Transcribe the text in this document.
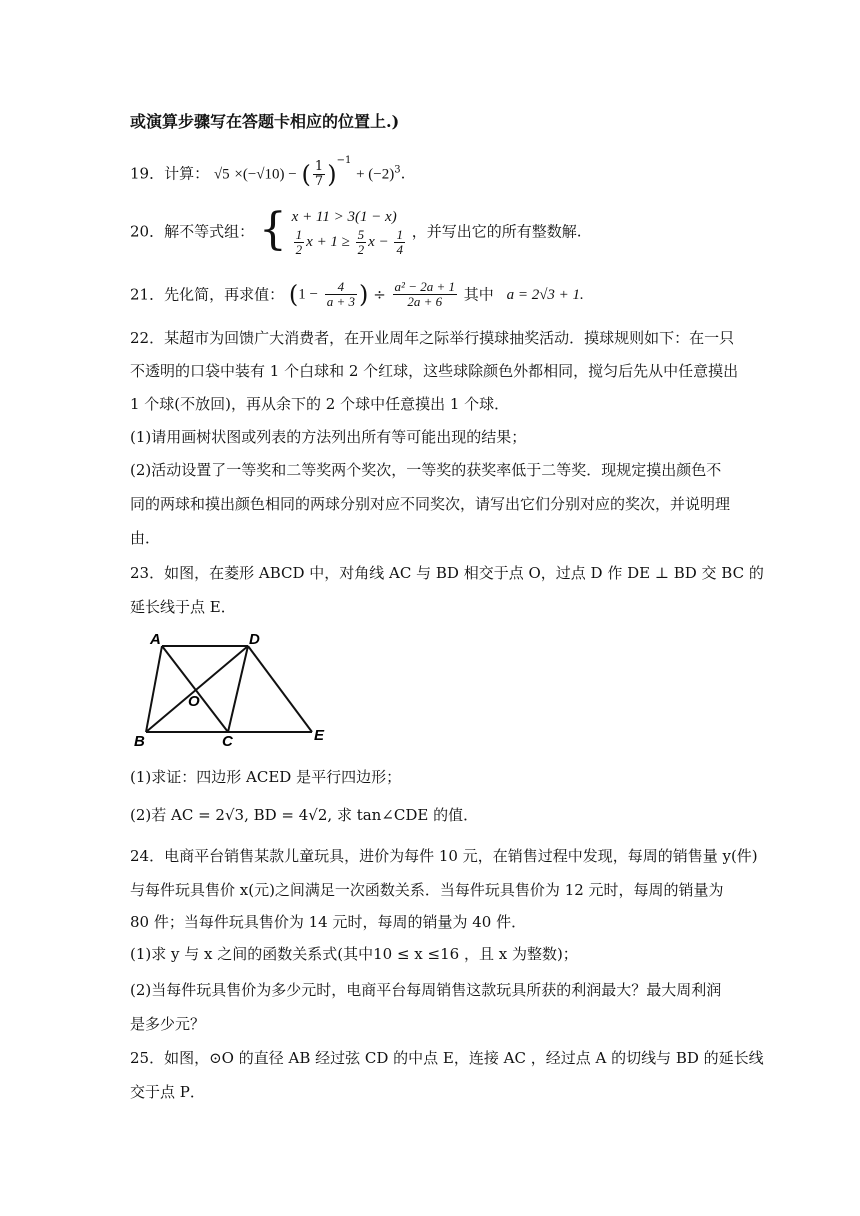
或演算步骤写在答题卡相应的位置上.)
19．计算： √5 ×(−√10) − ( $\frac{1}{7} )^{-1} + (-2)^3$.
20．解不等式组： { x + 11 > 3(1 − x)
$\frac{1}{2}$ $x + 1 \ge \frac{5}{2}$ $x - \frac{1}{4}$ ，并写出它的所有整数解.
21．先化简，再求值： ($1 - \frac{4}{a + 3}$ ) ÷ $\frac{\text{a² − 2a + 1}}{2a + 6}$ 其中 a = 2√3 + 1.
22．某超市为回馈广大消费者，在开业周年之际举行摸球抽奖活动．摸球规则如下：在一只
不透明的口袋中装有 1 个白球和 2 个红球，这些球除颜色外都相同，搅匀后先从中任意摸出
1 个球(不放回)，再从余下的 2 个球中任意摸出 1 个球．
(1)请用画树状图或列表的方法列出所有等可能出现的结果；
(2)活动设置了一等奖和二等奖两个奖次，一等奖的获奖率低于二等奖．现规定摸出颜色不
同的两球和摸出颜色相同的两球分别对应不同奖次，请写出它们分别对应的奖次，并说明理
由．
23．如图，在菱形 ABCD 中，对角线 AC 与 BD 相交于点 O，过点 D 作 DE ⊥ BD 交 BC 的
延长线于点 E．
A	D
O
B	C	E
(1)求证：四边形 ACED 是平行四边形；
(2)若 AC = 2√3, BD = 4√2, 求 tan∠CDE 的值．
24．电商平台销售某款儿童玩具，进价为每件 10 元，在销售过程中发现，每周的销售量 y(件)
与每件玩具售价 x(元)之间满足一次函数关系．当每件玩具售价为 12 元时，每周的销量为
80 件；当每件玩具售价为 14 元时，每周的销量为 40 件．
(1)求 y 与 x 之间的函数关系式(其中10 ≤ x ≤16 ，且 x 为整数)；
(2)当每件玩具售价为多少元时，电商平台每周销售这款玩具所获的利润最大？最大周利润
是多少元？
25．如图，⊙O 的直径 AB 经过弦 CD 的中点 E，连接 AC ，经过点 A 的切线与 BD 的延长线
交于点 P．
